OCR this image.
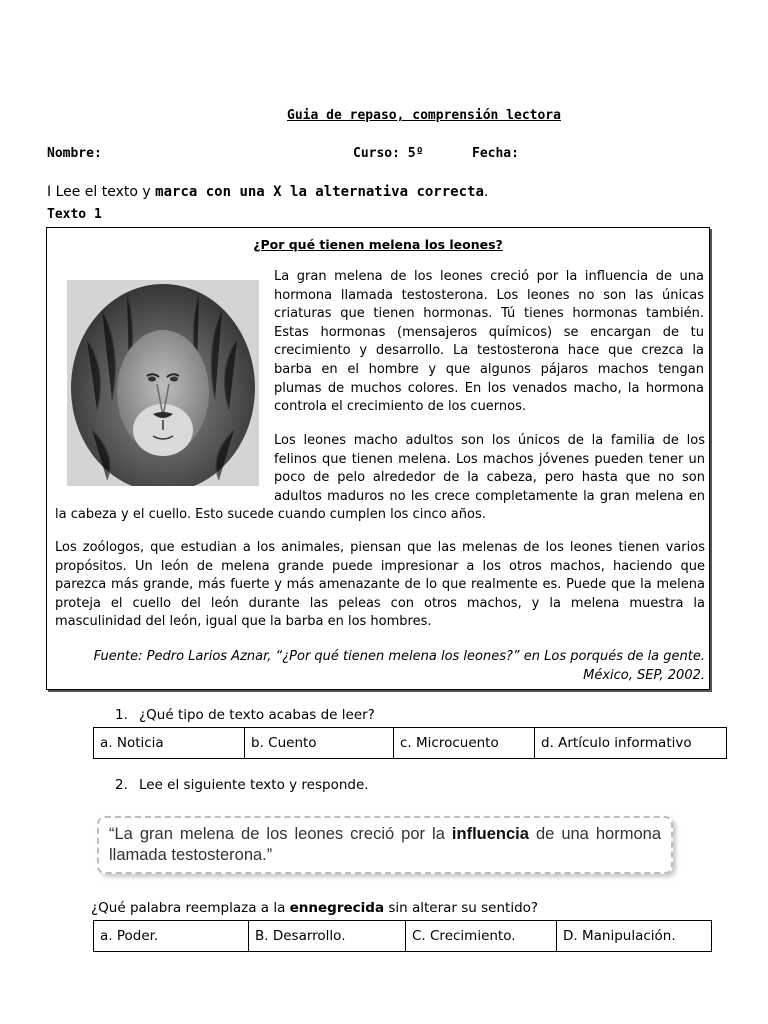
Guia de repaso, comprensión lectora
Nombre:	Curso: 5º	Fecha:
I Lee el texto y marca con una X la alternativa correcta.
Texto 1
¿Por qué tienen melena los leones?
La gran melena de los leones creció por la influencia de una hormona llamada testosterona. Los leones no son las únicas criaturas que tienen hormonas. Tú tienes hormonas también. Estas hormonas (mensajeros químicos) se encargan de tu crecimiento y desarrollo. La testosterona hace que crezca la barba en el hombre y que algunos pájaros machos tengan plumas de muchos colores. En los venados macho, la hormona controla el crecimiento de los cuernos.
Los leones macho adultos son los únicos de la familia de los felinos que tienen melena. Los machos jóvenes pueden tener un poco de pelo alrededor de la cabeza, pero hasta que no son adultos maduros no les crece completamente la gran melena en la cabeza y el cuello. Esto sucede cuando cumplen los cinco años.
Los zoólogos, que estudian a los animales, piensan que las melenas de los leones tienen varios propósitos. Un león de melena grande puede impresionar a los otros machos, haciendo que parezca más grande, más fuerte y más amenazante de lo que realmente es. Puede que la melena proteja el cuello del león durante las peleas con otros machos, y la melena muestra la masculinidad del león, igual que la barba en los hombres.
Fuente: Pedro Larios Aznar, “¿Por qué tienen melena los leones?” en Los porqués de la gente.
México, SEP, 2002.
1. ¿Qué tipo de texto acabas de leer?
a. Noticia	b. Cuento	c. Microcuento	d. Artículo informativo
2. Lee el siguiente texto y responde.
“La gran melena de los leones creció por la influencia de una hormona llamada testosterona.”
¿Qué palabra reemplaza a la ennegrecida sin alterar su sentido?
a. Poder.	B. Desarrollo.	C. Crecimiento.	D. Manipulación.
